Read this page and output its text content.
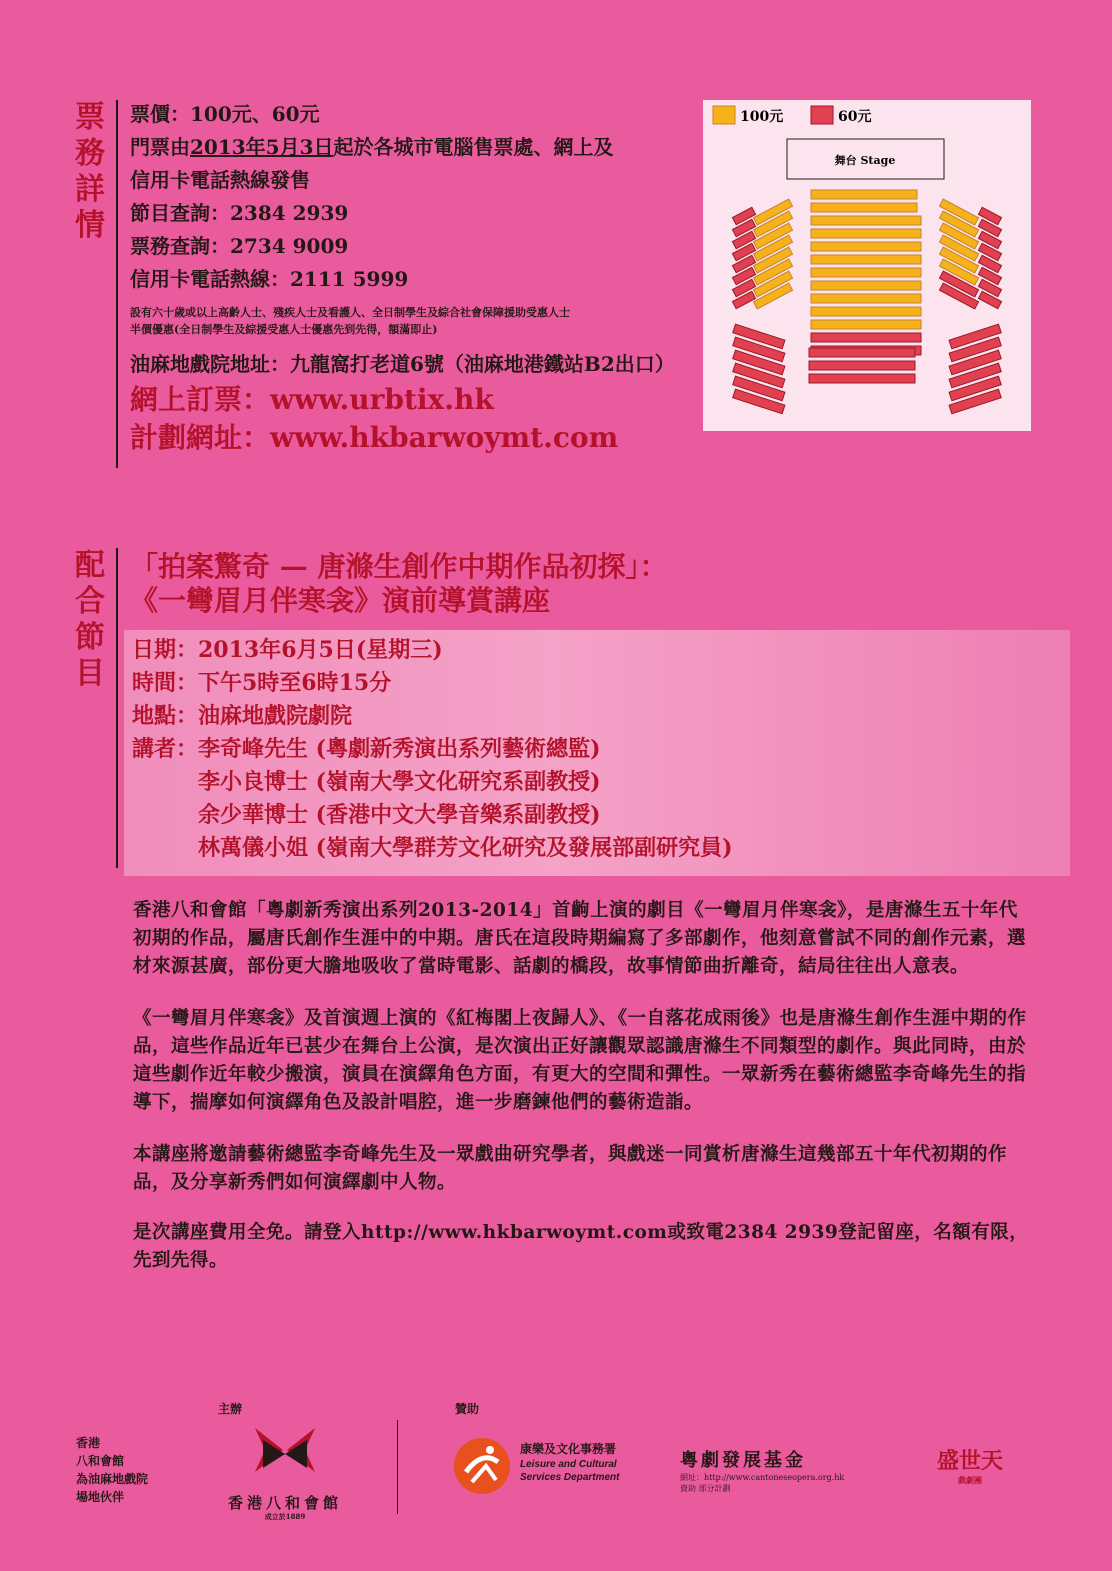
票
務
詳
情
票價：100元、60元
門票由2013年5月3日起於各城市電腦售票處、網上及
信用卡電話熱線發售
節目查詢：2384 2939
票務查詢：2734 9009
信用卡電話熱線：2111 5999
設有六十歲或以上高齡人士、殘疾人士及看護人、全日制學生及綜合社會保障援助受惠人士
半價優惠(全日制學生及綜援受惠人士優惠先到先得，額滿即止)
油麻地戲院地址：九龍窩打老道6號（油麻地港鐵站B2出口）
網上訂票：www.urbtix.hk
計劃網址：www.hkbarwoymt.com
100元	60元
舞台 Stage
配
合
節
目
「拍案驚奇 — 唐滌生創作中期作品初探」：
《一彎眉月伴寒衾》演前導賞講座
日期：2013年6月5日(星期三)
時間：下午5時至6時15分
地點：油麻地戲院劇院
講者： 李奇峰先生 (粵劇新秀演出系列藝術總監)
李小良博士 (嶺南大學文化研究系副教授)
余少華博士 (香港中文大學音樂系副教授)
林萬儀小姐 (嶺南大學群芳文化研究及發展部副研究員)
香港八和會館「粵劇新秀演出系列2013-2014」首齣上演的劇目《一彎眉月伴寒衾》，是唐滌生五十年代初期的作品，屬唐氏創作生涯中的中期。唐氏在這段時期編寫了多部劇作，他刻意嘗試不同的創作元素，選材來源甚廣，部份更大膽地吸收了當時電影、話劇的橋段，故事情節曲折離奇，結局往往出人意表。
《一彎眉月伴寒衾》及首演週上演的《紅梅閣上夜歸人》、《一自落花成雨後》也是唐滌生創作生涯中期的作品，這些作品近年已甚少在舞台上公演，是次演出正好讓觀眾認識唐滌生不同類型的劇作。與此同時，由於這些劇作近年較少搬演，演員在演繹角色方面，有更大的空間和彈性。一眾新秀在藝術總監李奇峰先生的指導下，揣摩如何演繹角色及設計唱腔，進一步磨鍊他們的藝術造詣。
本講座將邀請藝術總監李奇峰先生及一眾戲曲研究學者，與戲迷一同賞析唐滌生這幾部五十年代初期的作品，及分享新秀們如何演繹劇中人物。
是次講座費用全免。請登入http://www.hkbarwoymt.com或致電2384 2939登記留座，名額有限，先到先得。
香港
八和會館
為油麻地戲院
場地伙伴
主辦
香港八和會館
成立於1889
贊助
康樂及文化事務署
Leisure and Cultural
Services Department
粵劇發展基金
網址：http://www.cantoneseopera.org.hk
資助 部分計劃
盛世天
戲劇團
